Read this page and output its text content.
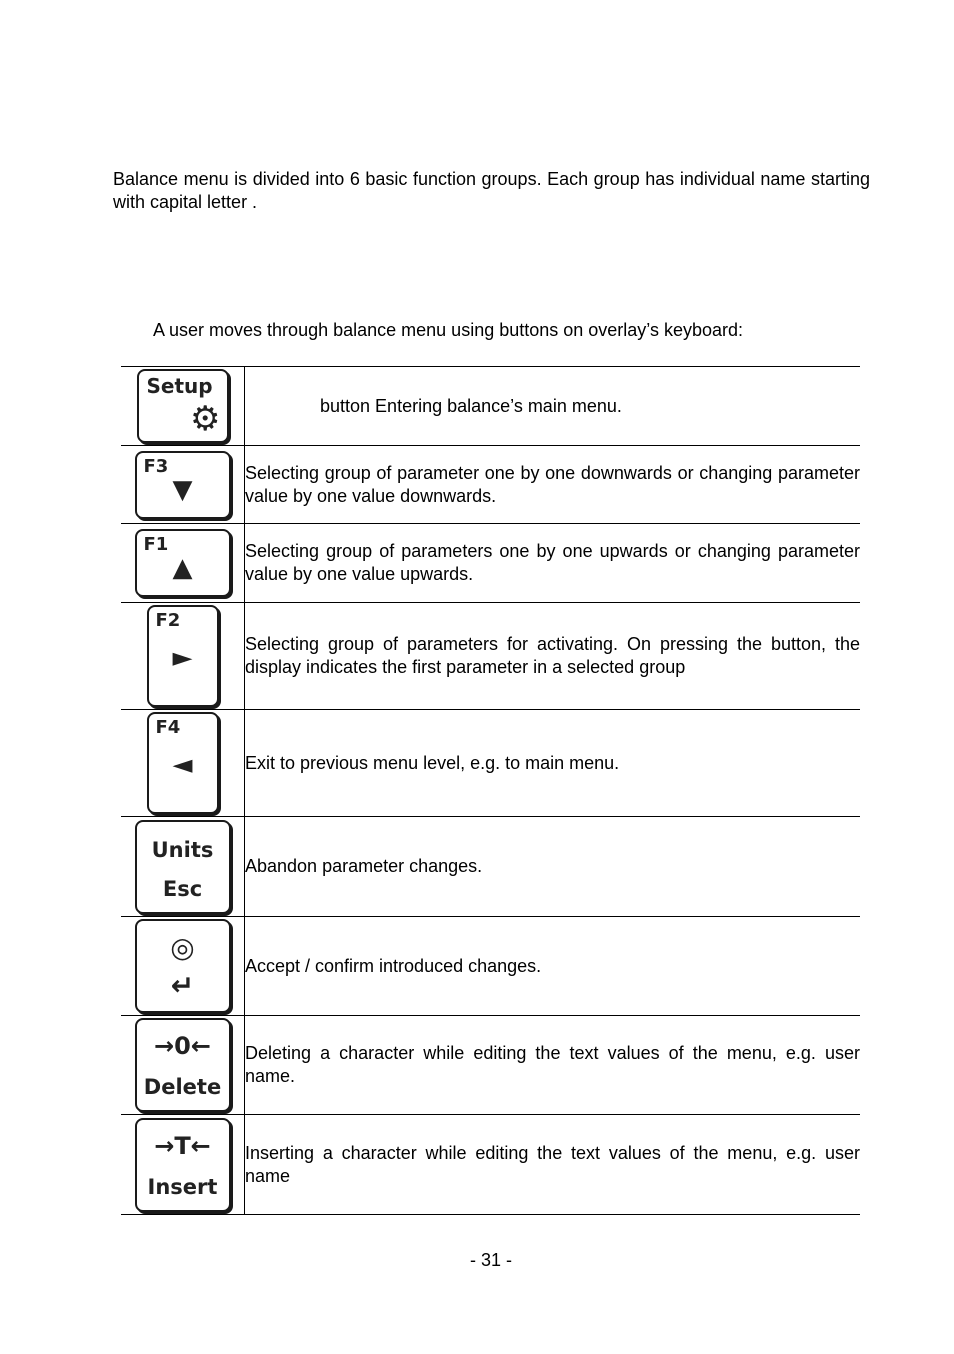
Balance menu is divided into 6 basic function groups. Each group has individual name starting with capital letter .

A user moves through balance menu using buttons on overlay’s keyboard:

Setup
⚙	button Entering balance’s main menu.

F3
▼	Selecting group of parameter one by one downwards or changing parameter value by one value downwards.

F1
▲	Selecting group of parameters one by one upwards or changing parameter value by one value upwards.

F2
►	Selecting group of parameters for activating. On pressing the button, the display indicates the first parameter in a selected group

F4
◄	Exit to previous menu level, e.g. to main menu.

Units
Esc	Abandon parameter changes.

◎
↵	Accept / confirm introduced changes.

→0←
Delete	Deleting a character while editing the text values of the menu, e.g. user name.

→T←
Insert	Inserting a character while editing the text values of the menu, e.g. user name
- 31 -
